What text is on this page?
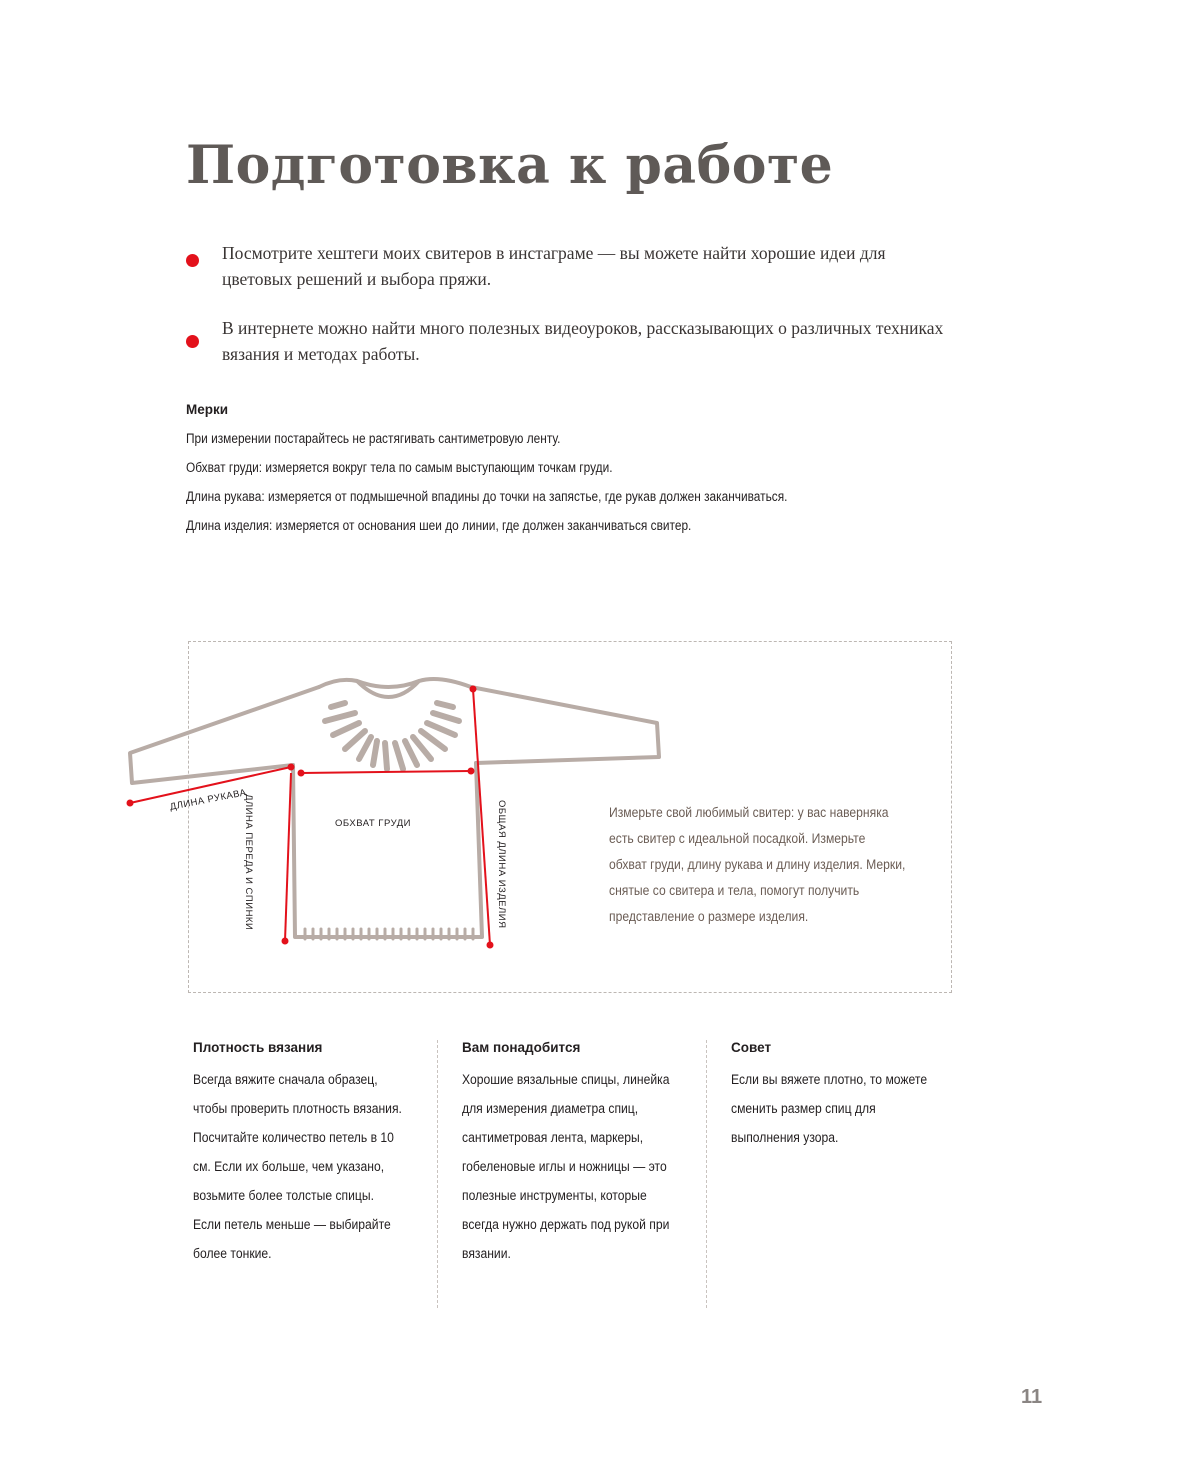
Подготовка к работе

Посмотрите хештеги моих свитеров в инстаграме — вы можете найти хорошие идеи для цветовых решений и выбора пряжи.

В интернете можно найти много полезных видеоуроков, рассказывающих о различных техниках вязания и методах работы.

Мерки

При измерении постарайтесь не растягивать сантиметровую ленту.

Обхват груди: измеряется вокруг тела по самым выступающим точкам груди.

Длина рукава: измеряется от подмышечной впадины до точки на запястье, где рукав должен заканчиваться.

Длина изделия: измеряется от основания шеи до линии, где должен заканчиваться свитер.

ДЛИНА РУКАВА
ОБХВАТ ГРУДИ
ДЛИНА ПЕРЕДА И СПИНКИ	ОБЩАЯ ДЛИНА ИЗДЕЛИЯ	Измерьте свой любимый свитер: у вас наверняка есть свитер с идеальной посадкой. Измерьте обхват груди, длину рукава и длину изделия. Мерки, снятые со свитера и тела, помогут получить представление о размере изделия.
Плотность вязания

Всегда вяжите сначала образец, чтобы проверить плотность вязания. Посчитайте количество петель в 10 см. Если их больше, чем указано, возьмите более толстые спицы. Если петель меньше — выбирайте более тонкие.

Вам понадобится

Хорошие вязальные спицы, линейка для измерения диаметра спиц, сантиметровая лента, маркеры, гобеленовые иглы и ножницы — это полезные инструменты, которые всегда нужно держать под рукой при вязании.

Совет

Если вы вяжете плотно, то можете сменить размер спиц для выполнения узора.

11
